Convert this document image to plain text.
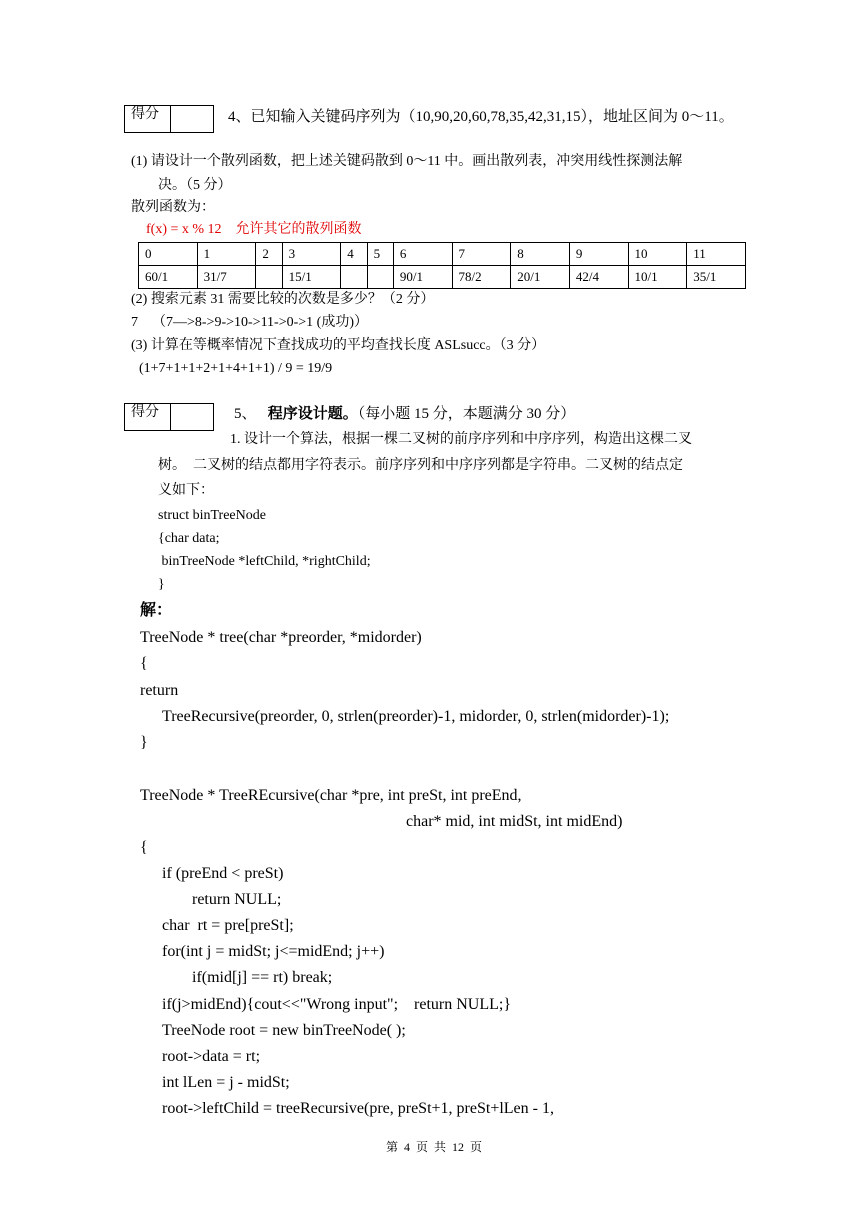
得分	4、已知输入关键码序列为（10,90,20,60,78,35,42,31,15），地址区间为 0～11。
(1) 请设计一个散列函数，把上述关键码散到 0～11 中。画出散列表，冲突用线性探测法解
决。（5 分）
散列函数为：
f(x) = x % 12    允许其它的散列函数
0	1	2	3	4	5	6	7	8	9	10	11
60/1	31/7		15/1			90/1	78/2	20/1	42/4	10/1	35/1
(2) 搜索元素 31 需要比较的次数是多少？（2 分）
7    （7—>8->9->10->11->0->1 (成功)）
(3) 计算在等概率情况下查找成功的平均查找长度 ASLsucc。（3 分）
(1+7+1+1+2+1+4+1+1) / 9 = 19/9
得分	5、 程序设计题。（每小题 15 分，本题满分 30 分）
1. 设计一个算法，根据一棵二叉树的前序序列和中序序列，构造出这棵二叉
树。  二叉树的结点都用字符表示。前序序列和中序序列都是字符串。二叉树的结点定
义如下：
struct binTreeNode
{char data;
binTreeNode *leftChild, *rightChild;
}
解：
TreeNode * tree(char *preorder, *midorder)
{
return
TreeRecursive(preorder, 0, strlen(preorder)-1, midorder, 0, strlen(midorder)-1);
}
TreeNode * TreeREcursive(char *pre, int preSt, int preEnd,
char* mid, int midSt, int midEnd)
{
if (preEnd < preSt)
return NULL;
char  rt = pre[preSt];
for(int j = midSt; j<=midEnd; j++)
if(mid[j] == rt) break;
if(j>midEnd){cout<<"Wrong input";    return NULL;}
TreeNode root = new binTreeNode( );
root->data = rt;
int lLen = j - midSt;
root->leftChild = treeRecursive(pre, preSt+1, preSt+lLen - 1,
第  4  页  共  12  页
